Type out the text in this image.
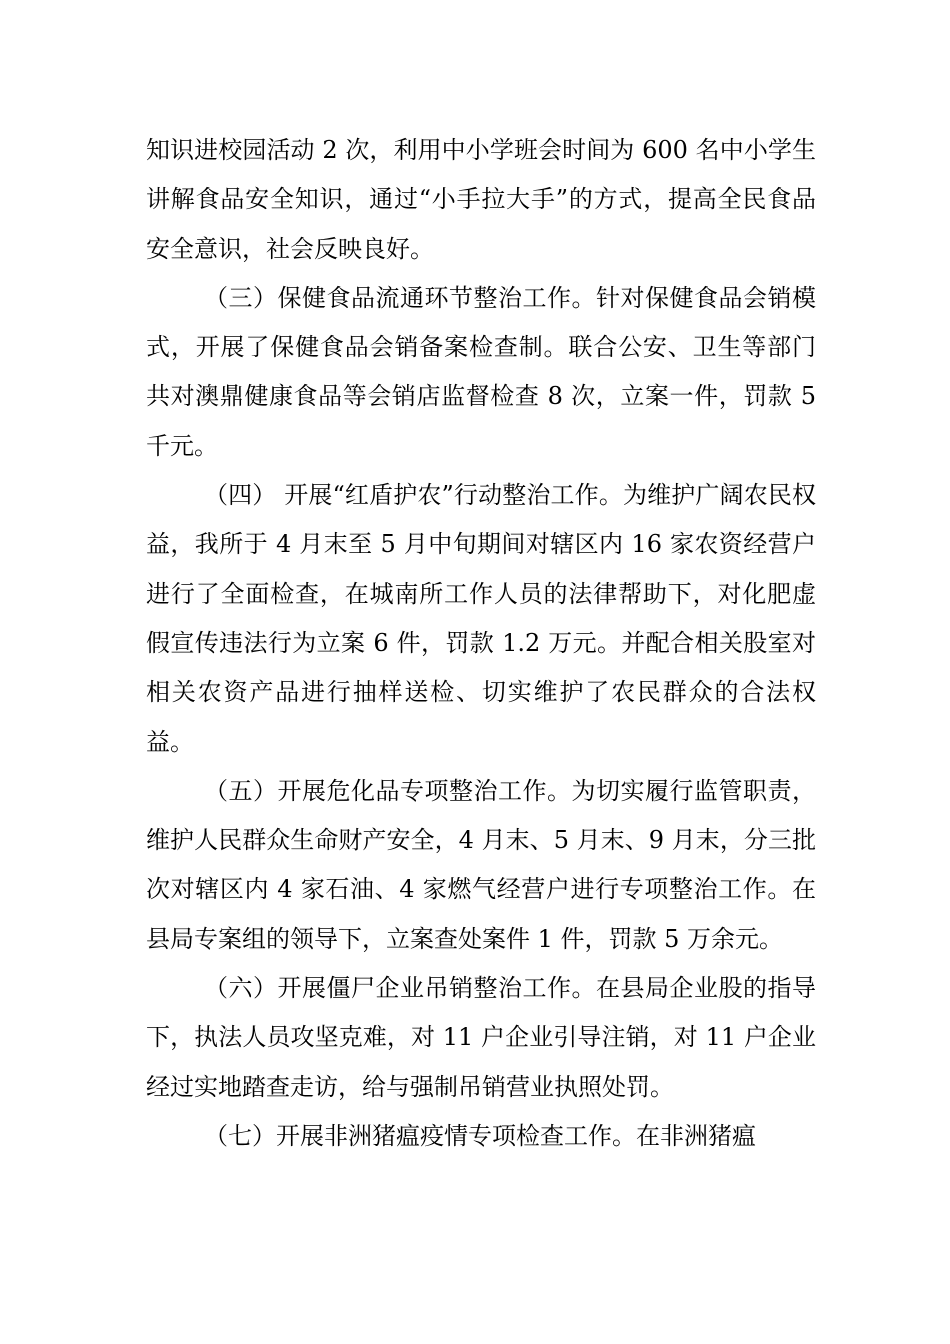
知识进校园活动 2 次，利用中小学班会时间为 600 名中小学生讲解食品安全知识，通过“小手拉大手”的方式，提高全民食品安全意识，社会反映良好。

（三）保健食品流通环节整治工作。针对保健食品会销模式，开展了保健食品会销备案检查制。联合公安、卫生等部门共对澳鼎健康食品等会销店监督检查 8 次，立案一件，罚款 5 千元。

（四） 开展“红盾护农”行动整治工作。为维护广阔农民权益，我所于 4 月末至 5 月中旬期间对辖区内 16 家农资经营户进行了全面检查，在城南所工作人员的法律帮助下，对化肥虚假宣传违法行为立案 6 件，罚款 1.2 万元。并配合相关股室对相关农资产品进行抽样送检、切实维护了农民群众的合法权益。

（五）开展危化品专项整治工作。为切实履行监管职责，维护人民群众生命财产安全，4 月末、5 月末、9 月末，分三批次对辖区内 4 家石油、4 家燃气经营户进行专项整治工作。在县局专案组的领导下，立案查处案件 1 件，罚款 5 万余元。

（六）开展僵尸企业吊销整治工作。在县局企业股的指导下，执法人员攻坚克难，对 11 户企业引导注销，对 11 户企业经过实地踏查走访，给与强制吊销营业执照处罚。

（七）开展非洲猪瘟疫情专项检查工作。在非洲猪瘟
